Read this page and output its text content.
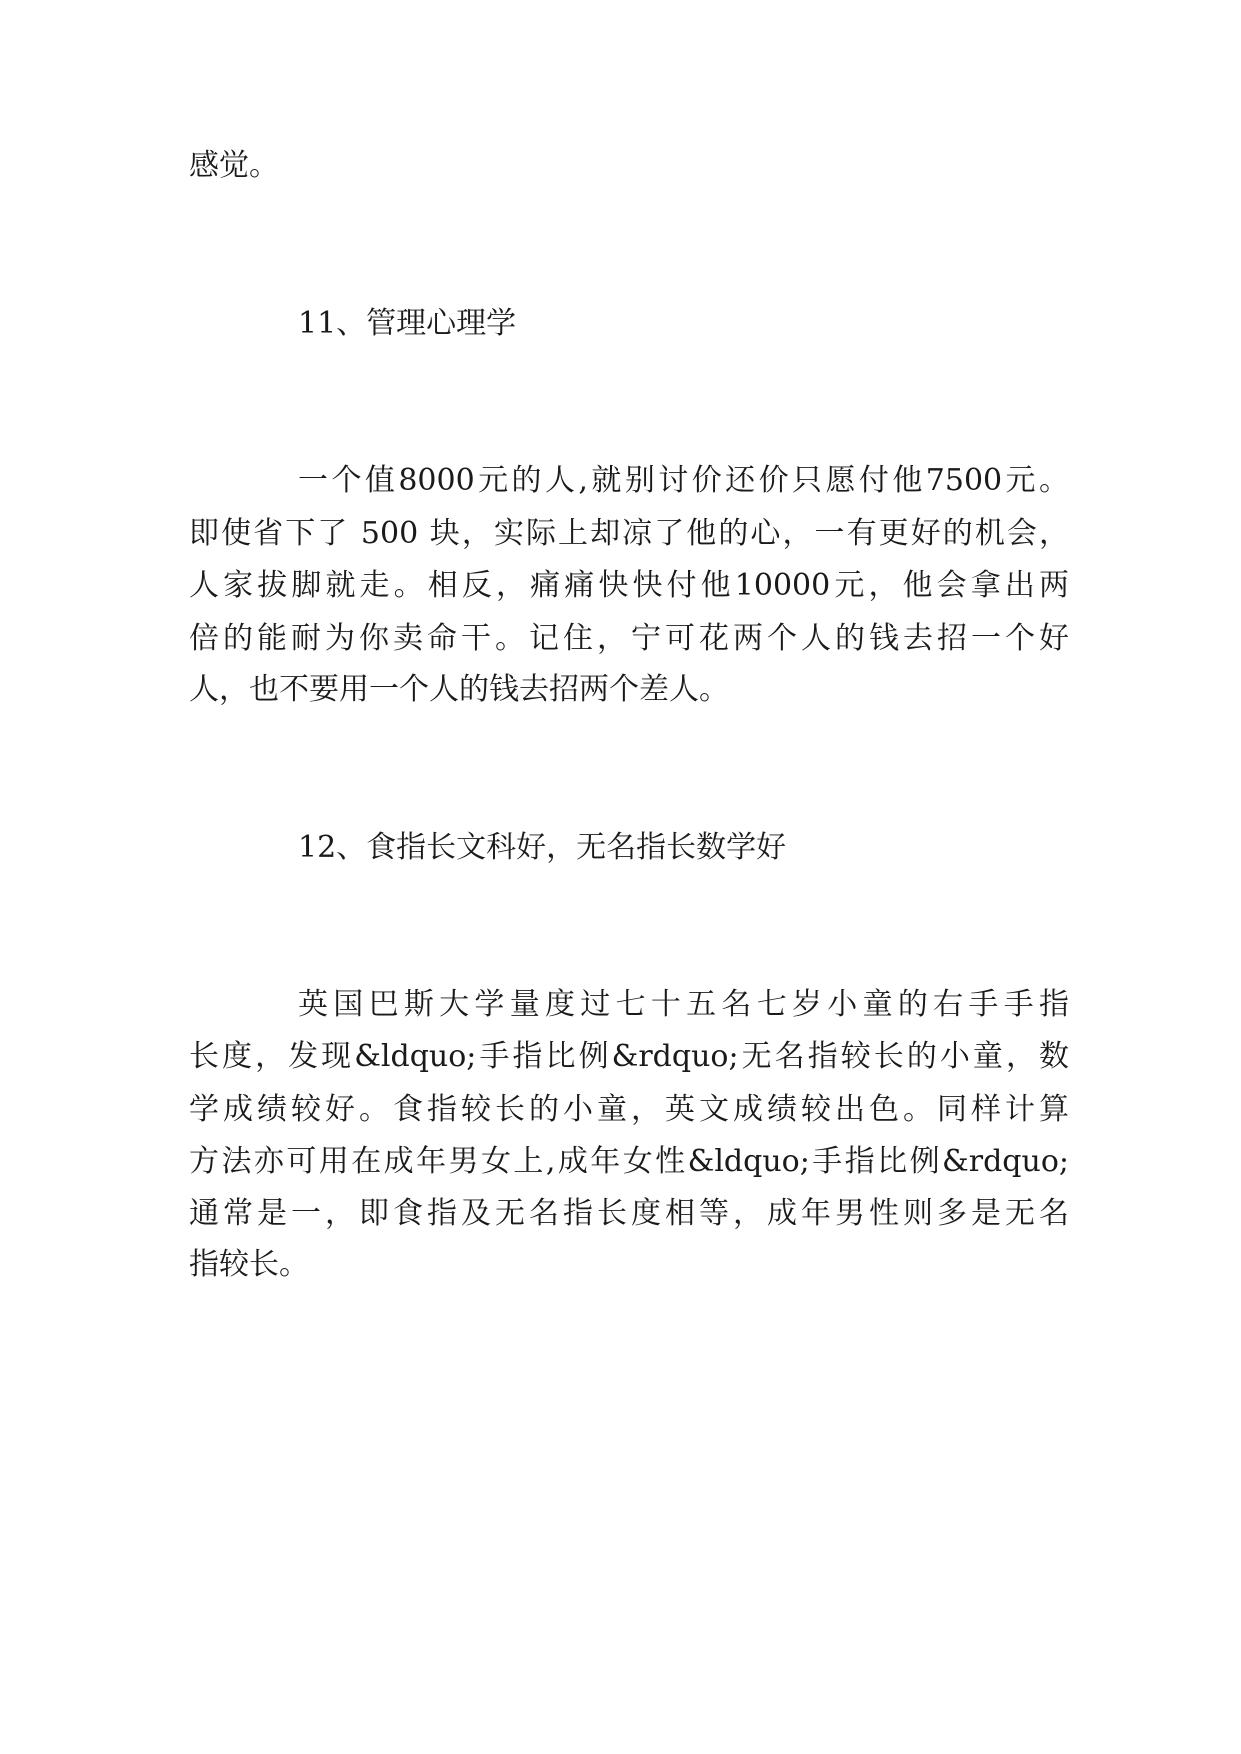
感觉。

11、管理心理学

一个值8000元的人,就别讨价还价只愿付他7500元。

即使省下了 500 块，实际上却凉了他的心，一有更好的机会，

人家拔脚就走。相反，痛痛快快付他10000元，他会拿出两

倍的能耐为你卖命干。记住，宁可花两个人的钱去招一个好

人，也不要用一个人的钱去招两个差人。

12、食指长文科好，无名指长数学好

英国巴斯大学量度过七十五名七岁小童的右手手指

长度，发现&ldquo;手指比例&rdquo;无名指较长的小童，数

学成绩较好。食指较长的小童，英文成绩较出色。同样计算

方法亦可用在成年男女上,成年女性&ldquo;手指比例&rdquo;

通常是一，即食指及无名指长度相等，成年男性则多是无名

指较长。
